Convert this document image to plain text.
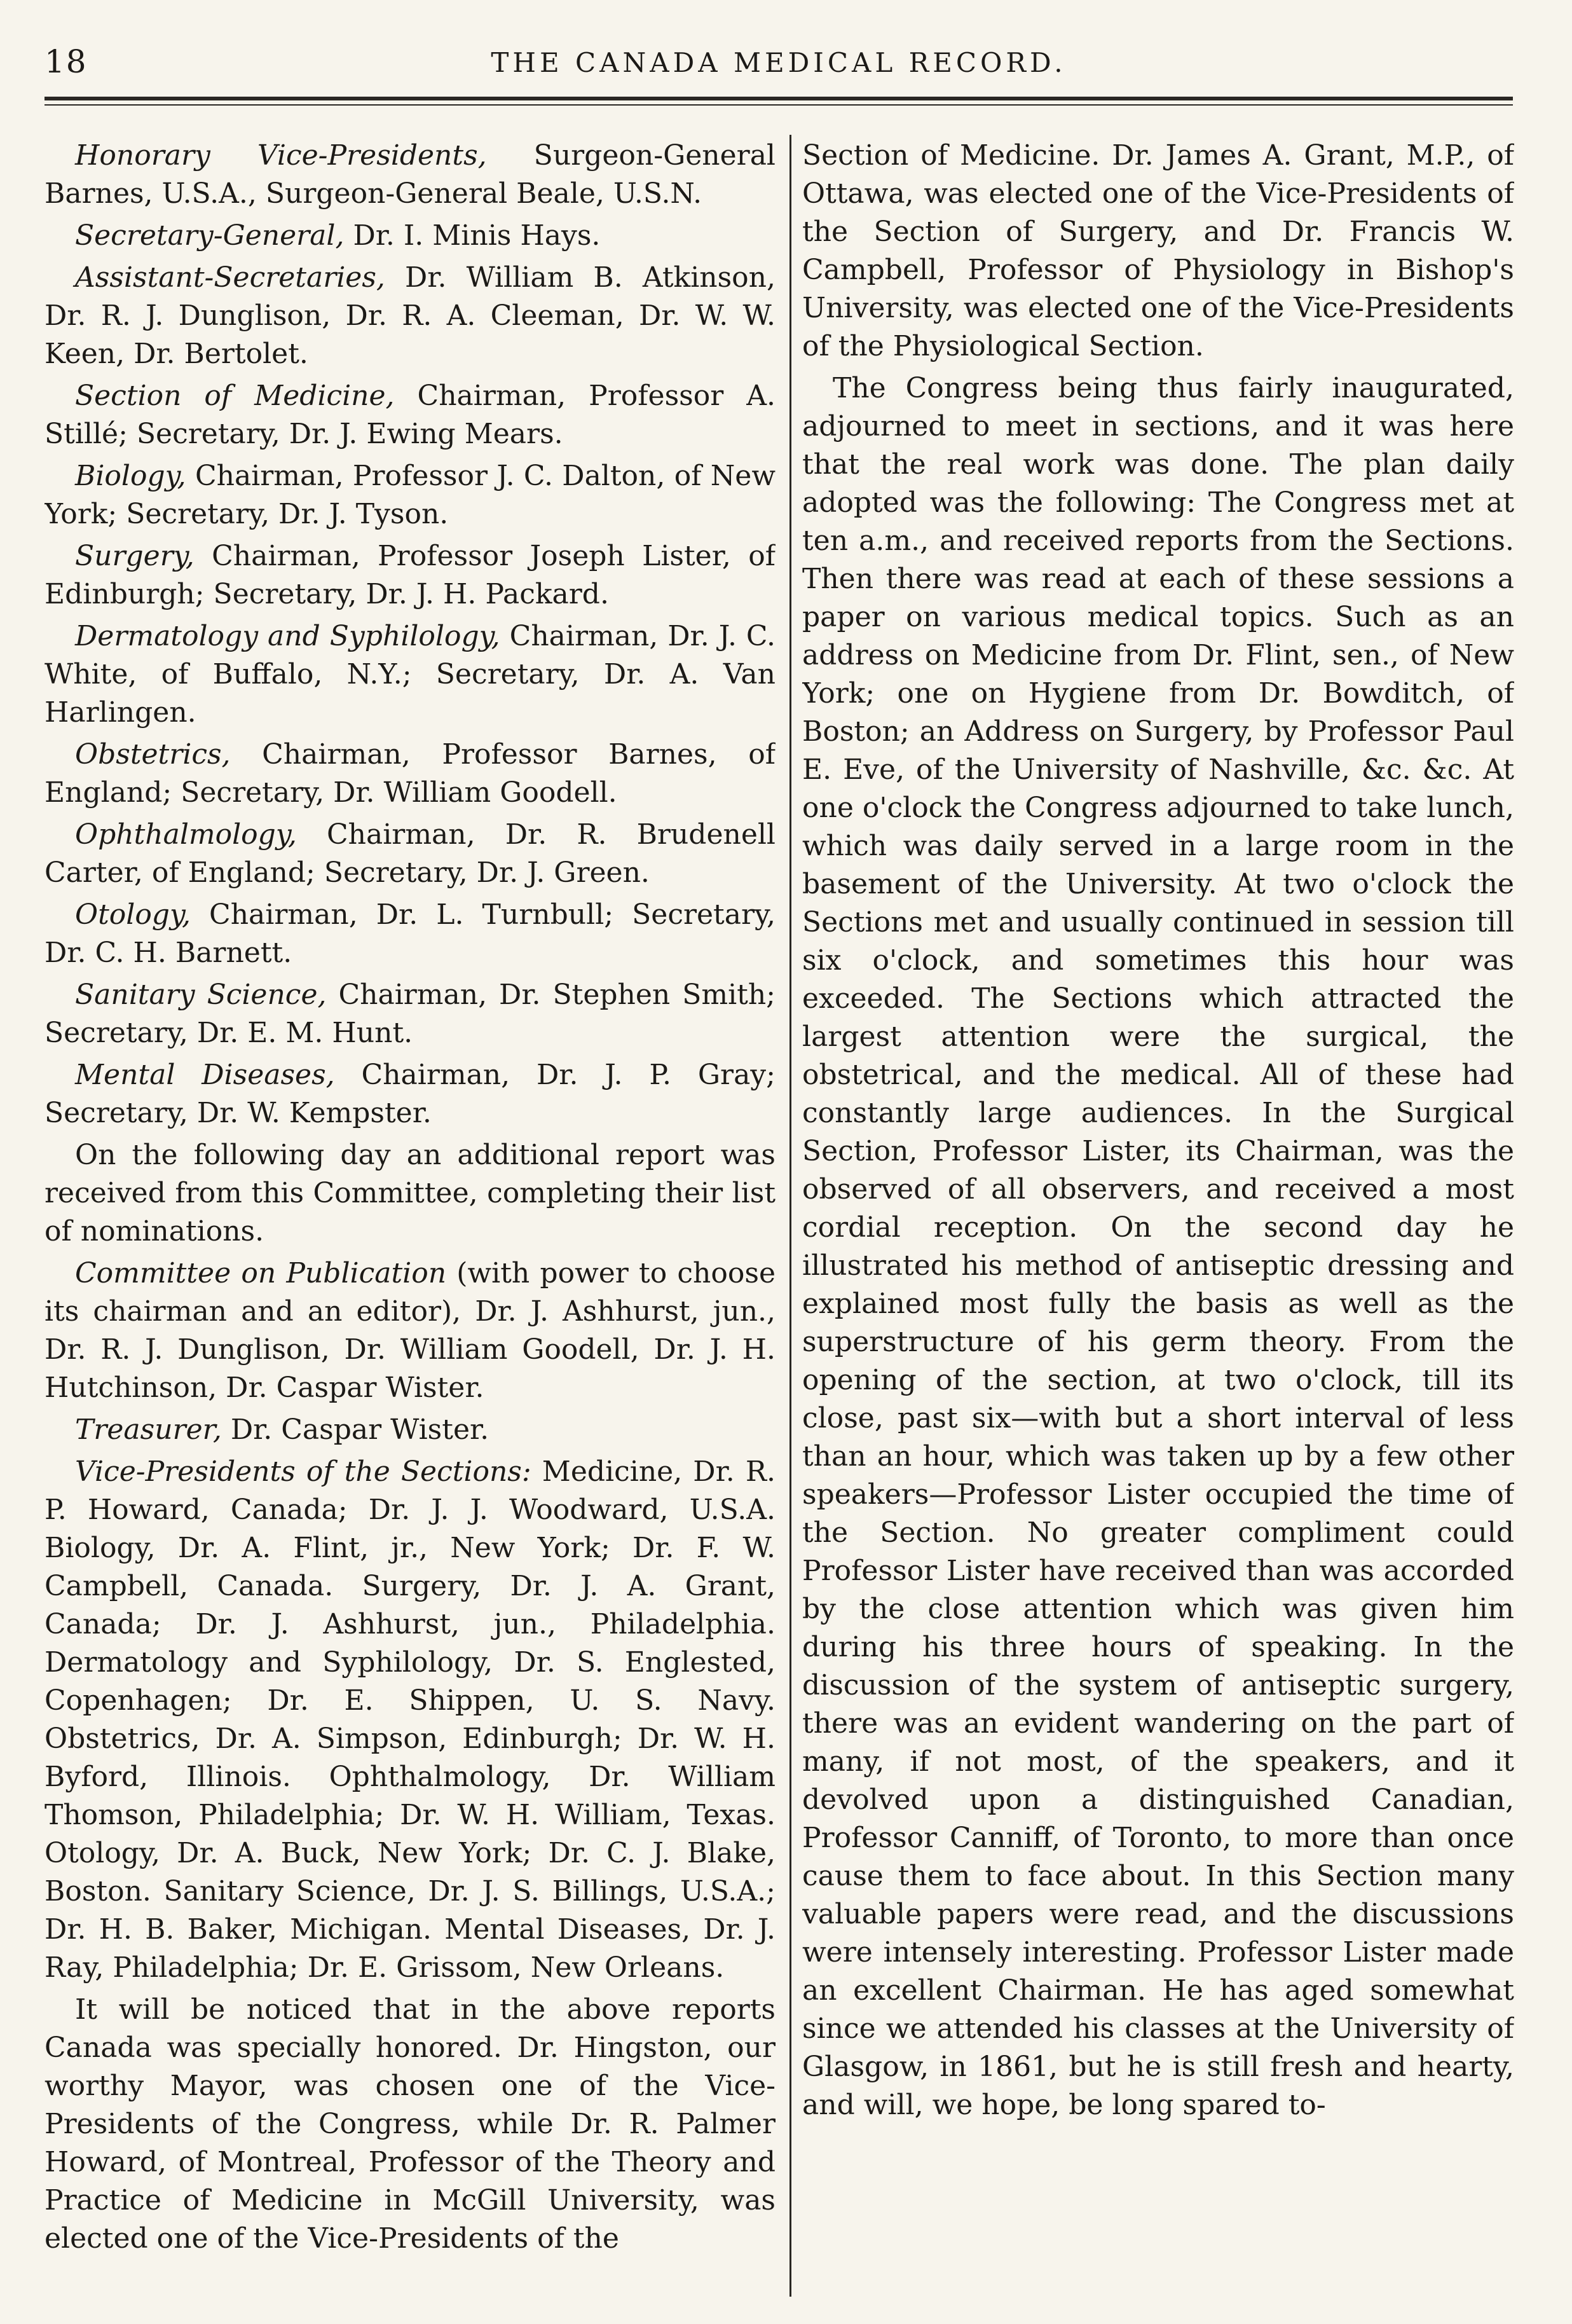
18	THE CANADA MEDICAL RECORD.

Honorary Vice-Presidents, Surgeon-General Barnes, U.S.A., Surgeon-General Beale, U.S.N.

Secretary-General, Dr. I. Minis Hays.

Assistant-Secretaries, Dr. William B. Atkinson, Dr. R. J. Dunglison, Dr. R. A. Cleeman, Dr. W. W. Keen, Dr. Bertolet.

Section of Medicine, Chairman, Professor A. Stillé; Secretary, Dr. J. Ewing Mears.

Biology, Chairman, Professor J. C. Dalton, of New York; Secretary, Dr. J. Tyson.

Surgery, Chairman, Professor Joseph Lister, of Edinburgh; Secretary, Dr. J. H. Packard.

Dermatology and Syphilology, Chairman, Dr. J. C. White, of Buffalo, N.Y.; Secretary, Dr. A. Van Harlingen.

Obstetrics, Chairman, Professor Barnes, of England; Secretary, Dr. William Goodell.

Ophthalmology, Chairman, Dr. R. Brudenell Carter, of England; Secretary, Dr. J. Green.

Otology, Chairman, Dr. L. Turnbull; Secretary, Dr. C. H. Barnett.

Sanitary Science, Chairman, Dr. Stephen Smith; Secretary, Dr. E. M. Hunt.

Mental Diseases, Chairman, Dr. J. P. Gray; Secretary, Dr. W. Kempster.

On the following day an additional report was received from this Committee, completing their list of nominations.

Committee on Publication (with power to choose its chairman and an editor), Dr. J. Ashhurst, jun., Dr. R. J. Dunglison, Dr. William Goodell, Dr. J. H. Hutchinson, Dr. Caspar Wister.

Treasurer, Dr. Caspar Wister.

Vice-Presidents of the Sections: Medicine, Dr. R. P. Howard, Canada; Dr. J. J. Woodward, U.S.A. Biology, Dr. A. Flint, jr., New York; Dr. F. W. Campbell, Canada. Surgery, Dr. J. A. Grant, Canada; Dr. J. Ashhurst, jun., Philadelphia. Dermatology and Syphilology, Dr. S. Englested, Copenhagen; Dr. E. Shippen, U. S. Navy. Obstetrics, Dr. A. Simpson, Edinburgh; Dr. W. H. Byford, Illinois. Ophthalmology, Dr. William Thomson, Philadelphia; Dr. W. H. William, Texas. Otology, Dr. A. Buck, New York; Dr. C. J. Blake, Boston. Sanitary Science, Dr. J. S. Billings, U.S.A.; Dr. H. B. Baker, Michigan. Mental Diseases, Dr. J. Ray, Philadelphia; Dr. E. Grissom, New Orleans.

It will be noticed that in the above reports Canada was specially honored. Dr. Hingston, our worthy Mayor, was chosen one of the Vice-Presidents of the Congress, while Dr. R. Palmer Howard, of Montreal, Professor of the Theory and Practice of Medicine in McGill University, was elected one of the Vice-Presidents of the

Section of Medicine. Dr. James A. Grant, M.P., of Ottawa, was elected one of the Vice-Presidents of the Section of Surgery, and Dr. Francis W. Campbell, Professor of Physiology in Bishop's University, was elected one of the Vice-Presidents of the Physiological Section.

The Congress being thus fairly inaugurated, adjourned to meet in sections, and it was here that the real work was done. The plan daily adopted was the following: The Congress met at ten a.m., and received reports from the Sections. Then there was read at each of these sessions a paper on various medical topics. Such as an address on Medicine from Dr. Flint, sen., of New York; one on Hygiene from Dr. Bowditch, of Boston; an Address on Surgery, by Professor Paul E. Eve, of the University of Nashville, &c. &c. At one o'clock the Congress adjourned to take lunch, which was daily served in a large room in the basement of the University. At two o'clock the Sections met and usually continued in session till six o'clock, and sometimes this hour was exceeded. The Sections which attracted the largest attention were the surgical, the obstetrical, and the medical. All of these had constantly large audiences. In the Surgical Section, Professor Lister, its Chairman, was the observed of all observers, and received a most cordial reception. On the second day he illustrated his method of antiseptic dressing and explained most fully the basis as well as the superstructure of his germ theory. From the opening of the section, at two o'clock, till its close, past six—with but a short interval of less than an hour, which was taken up by a few other speakers—Professor Lister occupied the time of the Section. No greater compliment could Professor Lister have received than was accorded by the close attention which was given him during his three hours of speaking. In the discussion of the system of antiseptic surgery, there was an evident wandering on the part of many, if not most, of the speakers, and it devolved upon a distinguished Canadian, Professor Canniff, of Toronto, to more than once cause them to face about. In this Section many valuable papers were read, and the discussions were intensely interesting. Professor Lister made an excellent Chairman. He has aged somewhat since we attended his classes at the University of Glasgow, in 1861, but he is still fresh and hearty, and will, we hope, be long spared to-
